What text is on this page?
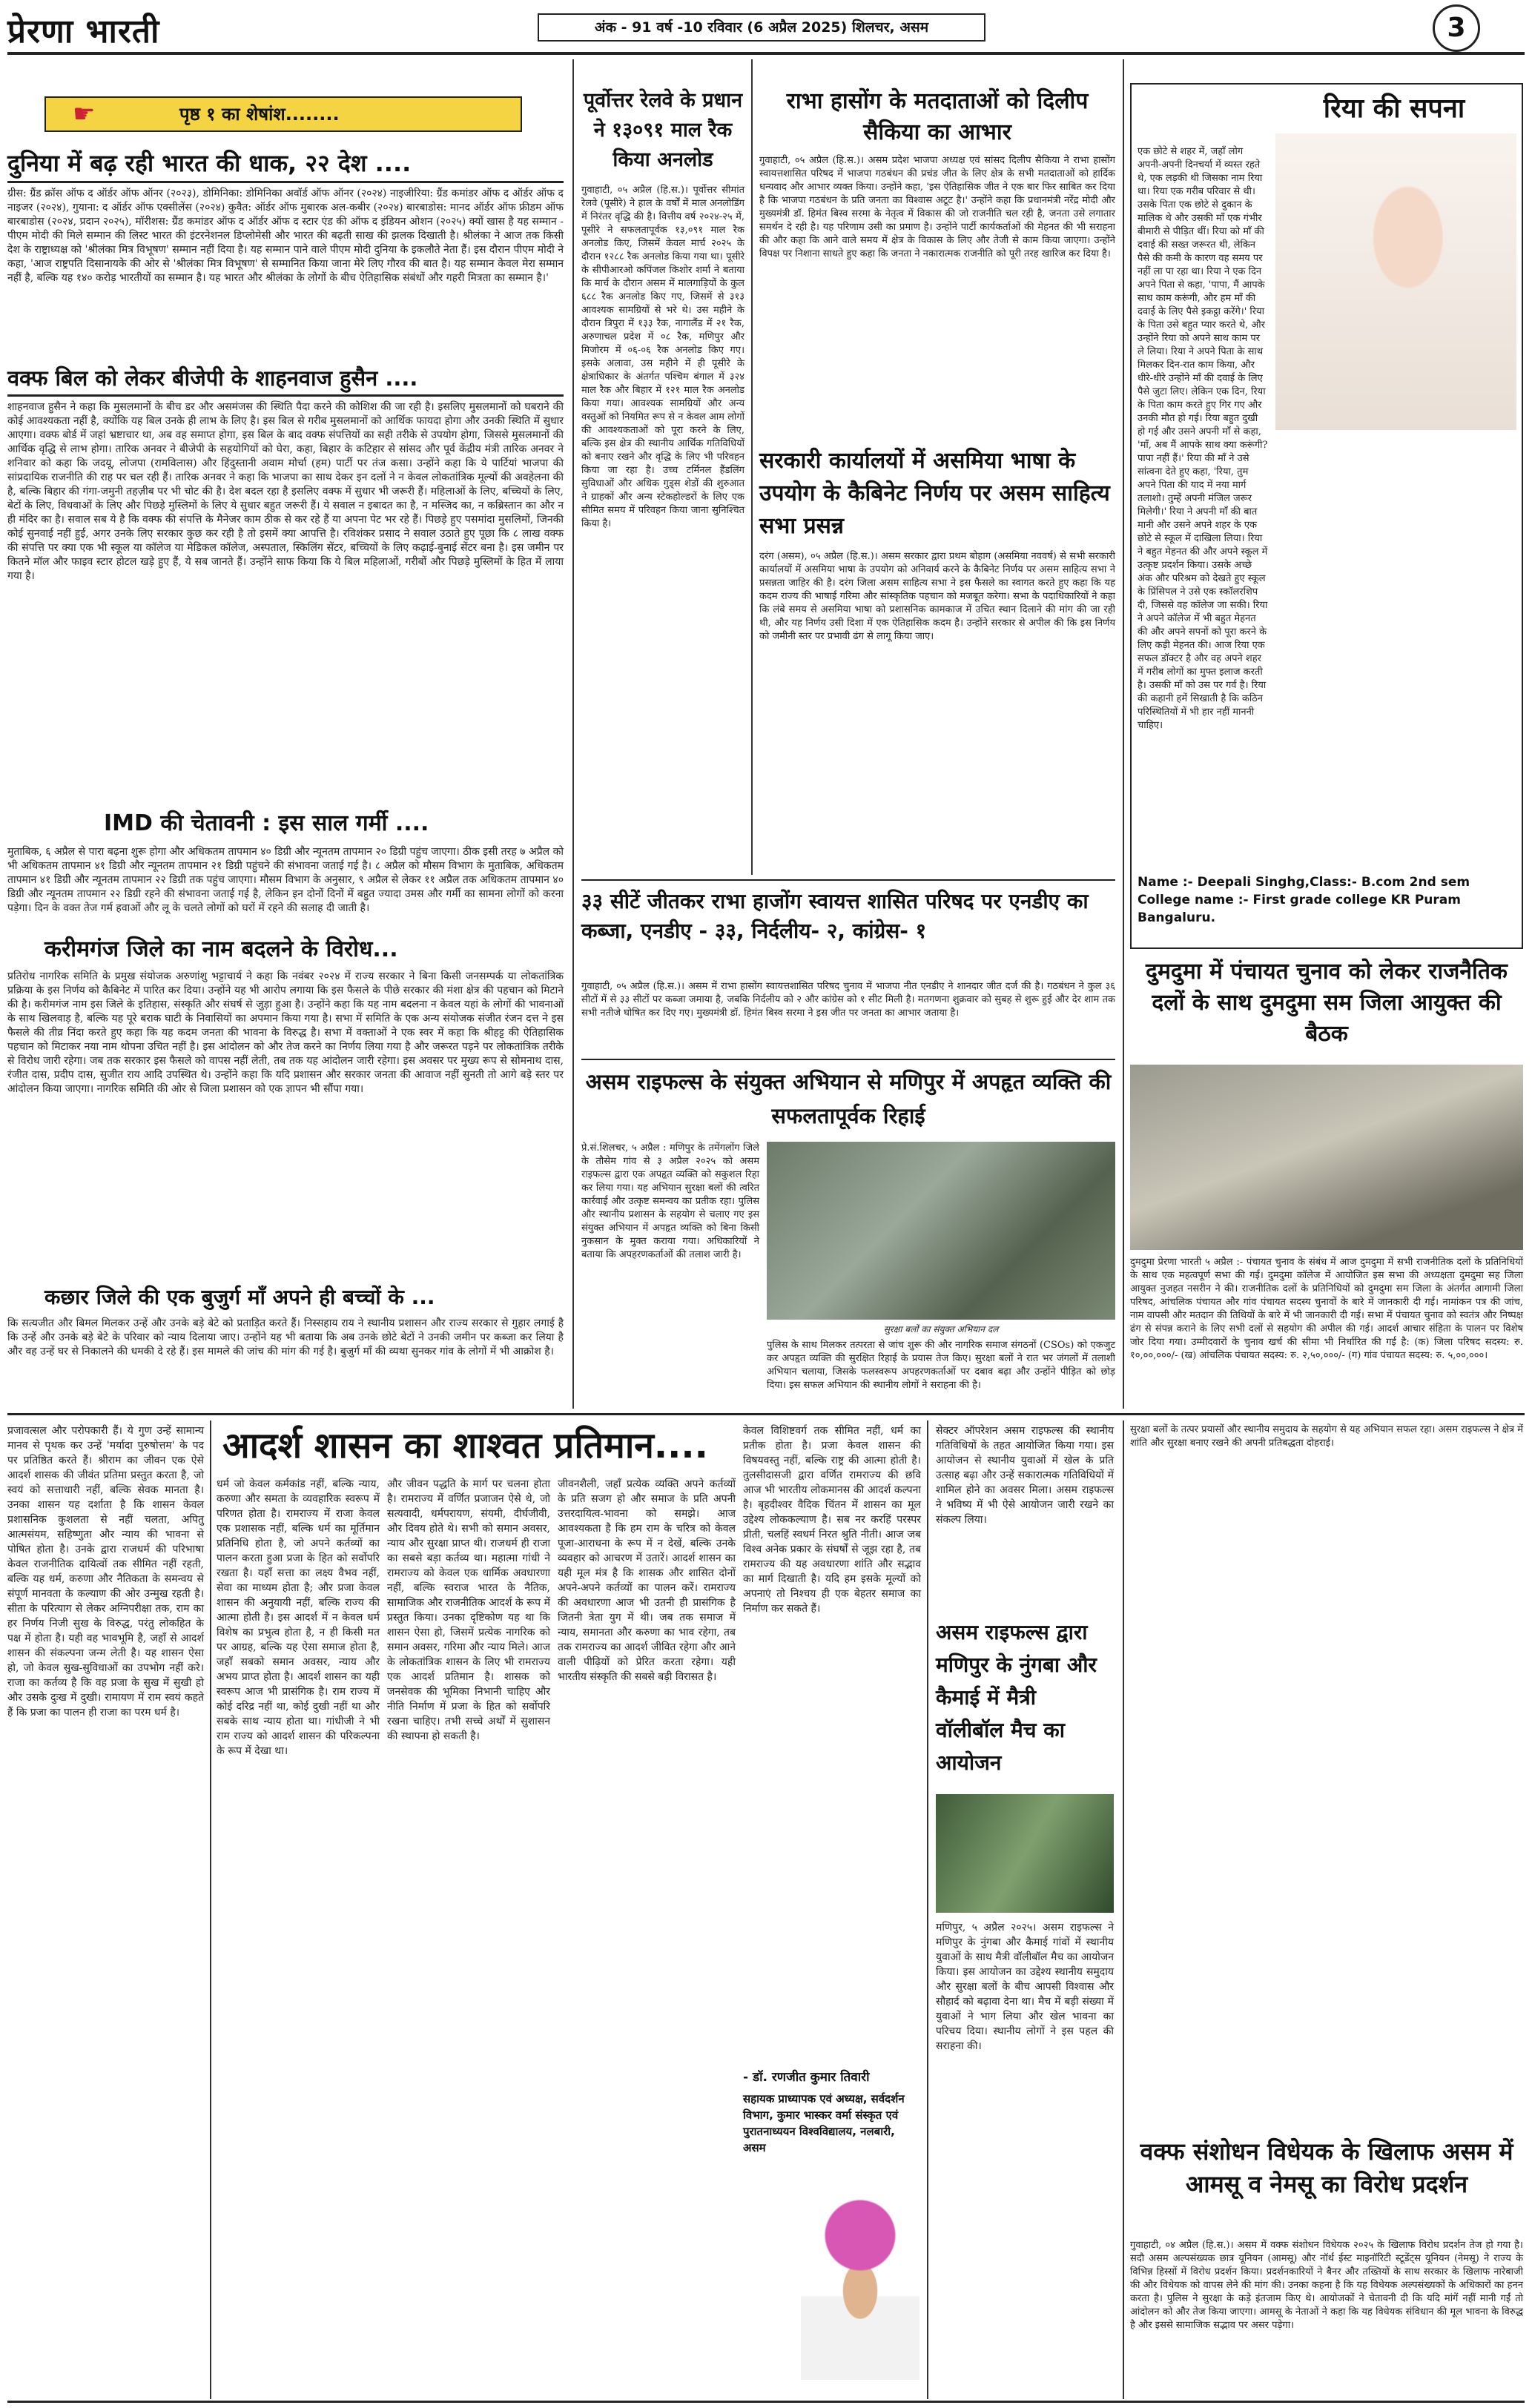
प्रेरणा भारती	अंक - 91 वर्ष -10 रविवार (6 अप्रैल 2025) शिलचर, असम	3
☛	पृष्ठ १ का शेषांश........
दुनिया में बढ़ रही भारत की धाक, २२ देश ....
ग्रीस: ग्रैंड क्रॉस ऑफ द ऑर्डर ऑफ ऑनर (२०२३), डोमिनिका: डोमिनिका अवॉर्ड ऑफ ऑनर (२०२४) नाइजीरिया: ग्रैंड कमांडर ऑफ द ऑर्डर ऑफ द नाइजर (२०२४), गुयाना: द ऑर्डर ऑफ एक्सीलेंस (२०२४) कुवैत: ऑर्डर ऑफ मुबारक अल-कबीर (२०२४) बारबाडोस: मानद ऑर्डर ऑफ फ्रीडम ऑफ बारबाडोस (२०२४, प्रदान २०२५), मॉरीशस: ग्रैंड कमांडर ऑफ द ऑर्डर ऑफ द स्टार एंड की ऑफ द इंडियन ओशन (२०२५) क्यों खास है यह सम्मान - पीएम मोदी की मिले सम्मान की लिस्ट भारत की इंटरनेशनल डिप्लोमेसी और भारत की बढ़ती साख की झलक दिखाती है। श्रीलंका ने आज तक किसी देश के राष्ट्राध्यक्ष को 'श्रीलंका मित्र विभूषण' सम्मान नहीं दिया है। यह सम्मान पाने वाले पीएम मोदी दुनिया के इकलौते नेता हैं। इस दौरान पीएम मोदी ने कहा, 'आज राष्ट्रपति दिसानायके की ओर से 'श्रीलंका मित्र विभूषण' से सम्मानित किया जाना मेरे लिए गौरव की बात है। यह सम्मान केवल मेरा सम्मान नहीं है, बल्कि यह १४० करोड़ भारतीयों का सम्मान है। यह भारत और श्रीलंका के लोगों के बीच ऐतिहासिक संबंधों और गहरी मित्रता का सम्मान है।'
वक्फ बिल को लेकर बीजेपी के शाहनवाज हुसैन ....
शाहनवाज हुसैन ने कहा कि मुसलमानों के बीच डर और असमंजस की स्थिति पैदा करने की कोशिश की जा रही है। इसलिए मुसलमानों को घबराने की कोई आवश्यकता नहीं है, क्योंकि यह बिल उनके ही लाभ के लिए है। इस बिल से गरीब मुसलमानों को आर्थिक फायदा होगा और उनकी स्थिति में सुधार आएगा। वक्फ बोर्ड में जहां भ्रष्टाचार था, अब वह समाप्त होगा, इस बिल के बाद वक्फ संपत्तियों का सही तरीके से उपयोग होगा, जिससे मुसलमानों की आर्थिक वृद्धि से लाभ होगा। तारिक अनवर ने बीजेपी के सहयोगियों को घेरा, कहा, बिहार के कटिहार से सांसद और पूर्व केंद्रीय मंत्री तारिक अनवर ने शनिवार को कहा कि जदयू, लोजपा (रामविलास) और हिंदुस्तानी अवाम मोर्चा (हम) पार्टी पर तंज कसा। उन्होंने कहा कि ये पार्टियां भाजपा की सांप्रदायिक राजनीति की राह पर चल रही हैं। तारिक अनवर ने कहा कि भाजपा का साथ देकर इन दलों ने न केवल लोकतांत्रिक मूल्यों की अवहेलना की है, बल्कि बिहार की गंगा-जमुनी तहज़ीब पर भी चोट की है। देश बदल रहा है इसलिए वक्फ में सुधार भी जरूरी हैं। महिलाओं के लिए, बच्चियों के लिए, बेटों के लिए, विधवाओं के लिए और पिछड़े मुस्लिमों के लिए ये सुधार बहुत जरूरी हैं। ये सवाल न इबादत का है, न मस्जिद का, न कब्रिस्तान का और न ही मंदिर का है। सवाल सब ये है कि वक्फ की संपत्ति के मैनेजर काम ठीक से कर रहे हैं या अपना पेट भर रहे हैं। पिछड़े हुए पसमांदा मुसलिमों, जिनकी कोई सुनवाई नहीं हुई, अगर उनके लिए सरकार कुछ कर रही है तो इसमें क्या आपत्ति है। रविशंकर प्रसाद ने सवाल उठाते हुए पूछा कि ८ लाख वक्फ की संपत्ति पर क्या एक भी स्कूल या कॉलेज या मेडिकल कॉलेज, अस्पताल, स्किलिंग सेंटर, बच्चियों के लिए कढ़ाई-बुनाई सेंटर बना है। इस जमीन पर कितने मॉल और फाइव स्टार होटल खड़े हुए हैं, ये सब जानते हैं। उन्होंने साफ किया कि ये बिल महिलाओं, गरीबों और पिछड़े मुस्लिमों के हित में लाया गया है।
IMD की चेतावनी : इस साल गर्मी ....
मुताबिक, ६ अप्रैल से पारा बढ़ना शुरू होगा और अधिकतम तापमान ४० डिग्री और न्यूनतम तापमान २० डिग्री पहुंच जाएगा। ठीक इसी तरह ७ अप्रैल को भी अधिकतम तापमान ४१ डिग्री और न्यूनतम तापमान २१ डिग्री पहुंचने की संभावना जताई गई है। ८ अप्रैल को मौसम विभाग के मुताबिक, अधिकतम तापमान ४१ डिग्री और न्यूनतम तापमान २२ डिग्री तक पहुंच जाएगा। मौसम विभाग के अनुसार, ९ अप्रैल से लेकर ११ अप्रैल तक अधिकतम तापमान ४० डिग्री और न्यूनतम तापमान २२ डिग्री रहने की संभावना जताई गई है, लेकिन इन दोनों दिनों में बहुत ज्यादा उमस और गर्मी का सामना लोगों को करना पड़ेगा। दिन के वक्त तेज गर्म हवाओं और लू के चलते लोगों को घरों में रहने की सलाह दी जाती है।
करीमगंज जिले का नाम बदलने के विरोध...
प्रतिरोध नागरिक समिति के प्रमुख संयोजक अरुणांशु भट्टाचार्य ने कहा कि नवंबर २०२४ में राज्य सरकार ने बिना किसी जनसम्पर्क या लोकतांत्रिक प्रक्रिया के इस निर्णय को कैबिनेट में पारित कर दिया। उन्होंने यह भी आरोप लगाया कि इस फैसले के पीछे सरकार की मंशा क्षेत्र की पहचान को मिटाने की है। करीमगंज नाम इस जिले के इतिहास, संस्कृति और संघर्ष से जुड़ा हुआ है। उन्होंने कहा कि यह नाम बदलना न केवल यहां के लोगों की भावनाओं के साथ खिलवाड़ है, बल्कि यह पूरे बराक घाटी के निवासियों का अपमान किया गया है। सभा में समिति के एक अन्य संयोजक संजीत रंजन दत्त ने इस फैसले की तीव्र निंदा करते हुए कहा कि यह कदम जनता की भावना के विरुद्ध है। सभा में वक्ताओं ने एक स्वर में कहा कि श्रीहट्ट की ऐतिहासिक पहचान को मिटाकर नया नाम थोपना उचित नहीं है। इस आंदोलन को और तेज करने का निर्णय लिया गया है और जरूरत पड़ने पर लोकतांत्रिक तरीके से विरोध जारी रहेगा। जब तक सरकार इस फैसले को वापस नहीं लेती, तब तक यह आंदोलन जारी रहेगा। इस अवसर पर मुख्य रूप से सोमनाथ दास, रंजीत दास, प्रदीप दास, सुजीत राय आदि उपस्थित थे। उन्होंने कहा कि यदि प्रशासन और सरकार जनता की आवाज नहीं सुनती तो आगे बड़े स्तर पर आंदोलन किया जाएगा। नागरिक समिति की ओर से जिला प्रशासन को एक ज्ञापन भी सौंपा गया।
कछार जिले की एक बुजुर्ग माँ अपने ही बच्चों के ...
कि सत्यजीत और बिमल मिलकर उन्हें और उनके बड़े बेटे को प्रताड़ित करते हैं। निस्सहाय राय ने स्थानीय प्रशासन और राज्य सरकार से गुहार लगाई है कि उन्हें और उनके बड़े बेटे के परिवार को न्याय दिलाया जाए। उन्होंने यह भी बताया कि अब उनके छोटे बेटों ने उनकी जमीन पर कब्जा कर लिया है और वह उन्हें घर से निकालने की धमकी दे रहे हैं। इस मामले की जांच की मांग की गई है। बुजुर्ग माँ की व्यथा सुनकर गांव के लोगों में भी आक्रोश है।
पूर्वोत्तर रेलवे के प्रधान ने १३०९१ माल रैक किया अनलोड
गुवाहाटी, ०५ अप्रैल (हि.स.)। पूर्वोत्तर सीमांत रेलवे (पूसीरे) ने हाल के वर्षों में माल अनलोडिंग में निरंतर वृद्धि की है। वित्तीय वर्ष २०२४-२५ में, पूसीरे ने सफलतापूर्वक १३,०९१ माल रैक अनलोड किए, जिसमें केवल मार्च २०२५ के दौरान १२८८ रैक अनलोड किया गया था। पूसीरे के सीपीआरओ कपिंजल किशोर शर्मा ने बताया कि मार्च के दौरान असम में मालगाड़ियों के कुल ६८८ रैक अनलोड किए गए, जिसमें से ३१३ आवश्यक सामग्रियों से भरे थे। उस महीने के दौरान त्रिपुरा में १३३ रैक, नागालैंड में २१ रैक, अरुणाचल प्रदेश में ०८ रैक, मणिपुर और मिजोरम में ०६-०६ रैक अनलोड किए गए। इसके अलावा, उस महीने में ही पूसीरे के क्षेत्राधिकार के अंतर्गत पश्चिम बंगाल में ३२४ माल रैक और बिहार में १२१ माल रैक अनलोड किया गया। आवश्यक सामग्रियों और अन्य वस्तुओं को नियमित रूप से न केवल आम लोगों की आवश्यकताओं को पूरा करने के लिए, बल्कि इस क्षेत्र की स्थानीय आर्थिक गतिविधियों को बनाए रखने और वृद्धि के लिए भी परिवहन किया जा रहा है। उच्च टर्मिनल हैंडलिंग सुविधाओं और अधिक गुड्स शेडों की शुरुआत ने ग्राहकों और अन्य स्टेकहोल्डरों के लिए एक सीमित समय में परिवहन किया जाना सुनिश्चित किया है।
राभा हासोंग के मतदाताओं को दिलीप सैकिया का आभार
गुवाहाटी, ०५ अप्रैल (हि.स.)। असम प्रदेश भाजपा अध्यक्ष एवं सांसद दिलीप सैकिया ने राभा हासोंग स्वायत्तशासित परिषद में भाजपा गठबंधन की प्रचंड जीत के लिए क्षेत्र के सभी मतदाताओं को हार्दिक धन्यवाद और आभार व्यक्त किया। उन्होंने कहा, 'इस ऐतिहासिक जीत ने एक बार फिर साबित कर दिया है कि भाजपा गठबंधन के प्रति जनता का विश्वास अटूट है।' उन्होंने कहा कि प्रधानमंत्री नरेंद्र मोदी और मुख्यमंत्री डॉ. हिमंत बिस्व सरमा के नेतृत्व में विकास की जो राजनीति चल रही है, जनता उसे लगातार समर्थन दे रही है। यह परिणाम उसी का प्रमाण है। उन्होंने पार्टी कार्यकर्ताओं की मेहनत की भी सराहना की और कहा कि आने वाले समय में क्षेत्र के विकास के लिए और तेजी से काम किया जाएगा। उन्होंने विपक्ष पर निशाना साधते हुए कहा कि जनता ने नकारात्मक राजनीति को पूरी तरह खारिज कर दिया है।
सरकारी कार्यालयों में असमिया भाषा के उपयोग के कैबिनेट निर्णय पर असम साहित्य सभा प्रसन्न
दरंग (असम), ०५ अप्रैल (हि.स.)। असम सरकार द्वारा प्रथम बोहाग (असमिया नववर्ष) से सभी सरकारी कार्यालयों में असमिया भाषा के उपयोग को अनिवार्य करने के कैबिनेट निर्णय पर असम साहित्य सभा ने प्रसन्नता जाहिर की है। दरंग जिला असम साहित्य सभा ने इस फैसले का स्वागत करते हुए कहा कि यह कदम राज्य की भाषाई गरिमा और सांस्कृतिक पहचान को मजबूत करेगा। सभा के पदाधिकारियों ने कहा कि लंबे समय से असमिया भाषा को प्रशासनिक कामकाज में उचित स्थान दिलाने की मांग की जा रही थी, और यह निर्णय उसी दिशा में एक ऐतिहासिक कदम है। उन्होंने सरकार से अपील की कि इस निर्णय को जमीनी स्तर पर प्रभावी ढंग से लागू किया जाए।
३३ सीटें जीतकर राभा हाजोंग स्वायत्त शासित परिषद पर एनडीए का कब्जा, एनडीए - ३३, निर्दलीय- २, कांग्रेस- १
गुवाहाटी, ०५ अप्रैल (हि.स.)। असम में राभा हासोंग स्वायत्तशासित परिषद चुनाव में भाजपा नीत एनडीए ने शानदार जीत दर्ज की है। गठबंधन ने कुल ३६ सीटों में से ३३ सीटों पर कब्जा जमाया है, जबकि निर्दलीय को २ और कांग्रेस को १ सीट मिली है। मतगणना शुक्रवार को सुबह से शुरू हुई और देर शाम तक सभी नतीजे घोषित कर दिए गए। मुख्यमंत्री डॉ. हिमंत बिस्व सरमा ने इस जीत पर जनता का आभार जताया है।
असम राइफल्स के संयुक्त अभियान से मणिपुर में अपहृत व्यक्ति की सफलतापूर्वक रिहाई
प्रे.सं.शिलचर, ५ अप्रैल : मणिपुर के तमेंगलोंग जिले के तौसेम गांव से ३ अप्रैल २०२५ को असम राइफल्स द्वारा एक अपहृत व्यक्ति को सकुशल रिहा कर लिया गया। यह अभियान सुरक्षा बलों की त्वरित कार्रवाई और उत्कृष्ट समन्वय का प्रतीक रहा। पुलिस और स्थानीय प्रशासन के सहयोग से चलाए गए इस संयुक्त अभियान में अपहृत व्यक्ति को बिना किसी नुकसान के मुक्त कराया गया। अधिकारियों ने बताया कि अपहरणकर्ताओं की तलाश जारी है।
सुरक्षा बलों का संयुक्त अभियान दल
पुलिस के साथ मिलकर तत्परता से जांच शुरू की और नागरिक समाज संगठनों (CSOs) को एकजुट कर अपहृत व्यक्ति की सुरक्षित रिहाई के प्रयास तेज किए। सुरक्षा बलों ने रात भर जंगलों में तलाशी अभियान चलाया, जिसके फलस्वरूप अपहरणकर्ताओं पर दबाव बढ़ा और उन्होंने पीड़ित को छोड़ दिया। इस सफल अभियान की स्थानीय लोगों ने सराहना की है।
रिया की सपना
एक छोटे से शहर में, जहाँ लोग अपनी-अपनी दिनचर्या में व्यस्त रहते थे, एक लड़की थी जिसका नाम रिया था। रिया एक गरीब परिवार से थी। उसके पिता एक छोटे से दुकान के मालिक थे और उसकी माँ एक गंभीर बीमारी से पीड़ित थीं। रिया को माँ की दवाई की सख्त जरूरत थी, लेकिन पैसे की कमी के कारण वह समय पर नहीं ला पा रहा था। रिया ने एक दिन अपने पिता से कहा, 'पापा, मैं आपके साथ काम करूंगी, और हम माँ की दवाई के लिए पैसे इकट्ठा करेंगे।' रिया के पिता उसे बहुत प्यार करते थे, और उन्होंने रिया को अपने साथ काम पर ले लिया। रिया ने अपने पिता के साथ मिलकर दिन-रात काम किया, और धीरे-धीरे उन्होंने माँ की दवाई के लिए पैसे जुटा लिए। लेकिन एक दिन, रिया के पिता काम करते हुए गिर गए और उनकी मौत हो गई। रिया बहुत दुखी हो गई और उसने अपनी माँ से कहा, 'माँ, अब मैं आपके साथ क्या करूंगी? पापा नहीं हैं।' रिया की माँ ने उसे सांत्वना देते हुए कहा, 'रिया, तुम अपने पिता की याद में नया मार्ग तलाशो। तुम्हें अपनी मंजिल जरूर मिलेगी।' रिया ने अपनी माँ की बात मानी और उसने अपने शहर के एक छोटे से स्कूल में दाखिला लिया। रिया ने बहुत मेहनत की और अपने स्कूल में उत्कृष्ट प्रदर्शन किया। उसके अच्छे अंक और परिश्रम को देखते हुए स्कूल के प्रिंसिपल ने उसे एक स्कॉलरशिप दी, जिससे वह कॉलेज जा सकी। रिया ने अपने कॉलेज में भी बहुत मेहनत की और अपने सपनों को पूरा करने के लिए कड़ी मेहनत की। आज रिया एक सफल डॉक्टर है और वह अपने शहर में गरीब लोगों का मुफ्त इलाज करती है। उसकी माँ को उस पर गर्व है। रिया की कहानी हमें सिखाती है कि कठिन परिस्थितियों में भी हार नहीं माननी चाहिए।
Name :- Deepali Singhg,Class:- B.com 2nd sem College name :- First grade college KR Puram Bangaluru.
दुमदुमा में पंचायत चुनाव को लेकर राजनैतिक दलों के साथ दुमदुमा सम जिला आयुक्त की बैठक
दुमदुमा प्रेरणा भारती ५ अप्रैल :- पंचायत चुनाव के संबंध में आज दुमदुमा में सभी राजनीतिक दलों के प्रतिनिधियों के साथ एक महत्वपूर्ण सभा की गई। दुमदुमा कॉलेज में आयोजित इस सभा की अध्यक्षता दुमदुमा सह जिला आयुक्त नुजहत नसरीन ने की। राजनीतिक दलों के प्रतिनिधियों को दुमदुमा सम जिला के अंतर्गत आगामी जिला परिषद, आंचलिक पंचायत और गांव पंचायत सदस्य चुनावों के बारे में जानकारी दी गई। नामांकन पत्र की जांच, नाम वापसी और मतदान की तिथियों के बारे में भी जानकारी दी गई। सभा में पंचायत चुनाव को स्वतंत्र और निष्पक्ष ढंग से संपन्न कराने के लिए सभी दलों से सहयोग की अपील की गई। आदर्श आचार संहिता के पालन पर विशेष जोर दिया गया। उम्मीदवारों के चुनाव खर्च की सीमा भी निर्धारित की गई है: (क) जिला परिषद सदस्य: रु. १०,००,०००/- (ख) आंचलिक पंचायत सदस्य: रु. २,५०,०००/- (ग) गांव पंचायत सदस्य: रु. ५,००,०००।
आदर्श शासन का शाश्वत प्रतिमान....
प्रजावत्सल और परोपकारी हैं। ये गुण उन्हें सामान्य मानव से पृथक कर उन्हें 'मर्यादा पुरुषोत्तम' के पद पर प्रतिष्ठित करते हैं। श्रीराम का जीवन एक ऐसे आदर्श शासक की जीवंत प्रतिमा प्रस्तुत करता है, जो स्वयं को सत्ताधारी नहीं, बल्कि सेवक मानता है। उनका शासन यह दर्शाता है कि शासन केवल प्रशासनिक कुशलता से नहीं चलता, अपितु आत्मसंयम, सहिष्णुता और न्याय की भावना से पोषित होता है। उनके द्वारा राजधर्म की परिभाषा केवल राजनीतिक दायित्वों तक सीमित नहीं रहती, बल्कि यह धर्म, करुणा और नैतिकता के समन्वय से संपूर्ण मानवता के कल्याण की ओर उन्मुख रहती है। सीता के परित्याग से लेकर अग्निपरीक्षा तक, राम का हर निर्णय निजी सुख के विरुद्ध, परंतु लोकहित के पक्ष में होता है। यही वह भावभूमि है, जहाँ से आदर्श शासन की संकल्पना जन्म लेती है। यह शासन ऐसा हो, जो केवल सुख-सुविधाओं का उपभोग नहीं करे। राजा का कर्तव्य है कि वह प्रजा के सुख में सुखी हो और उसके दुःख में दुखी। रामायण में राम स्वयं कहते हैं कि प्रजा का पालन ही राजा का परम धर्म है।
धर्म जो केवल कर्मकांड नहीं, बल्कि न्याय, करुणा और समता के व्यवहारिक स्वरूप में परिणत होता है। रामराज्य में राजा केवल एक प्रशासक नहीं, बल्कि धर्म का मूर्तिमान प्रतिनिधि होता है, जो अपने कर्तव्यों का पालन करता हुआ प्रजा के हित को सर्वोपरि रखता है। यहाँ सत्ता का लक्ष्य वैभव नहीं, सेवा का माध्यम होता है; और प्रजा केवल शासन की अनुयायी नहीं, बल्कि राज्य की आत्मा होती है। इस आदर्श में न केवल धर्म विशेष का प्रभुत्व होता है, न ही किसी मत पर आग्रह, बल्कि यह ऐसा समाज होता है, जहाँ सबको समान अवसर, न्याय और अभय प्राप्त होता है। आदर्श शासन का यही स्वरूप आज भी प्रासंगिक है। राम राज्य में कोई दरिद्र नहीं था, कोई दुखी नहीं था और सबके साथ न्याय होता था। गांधीजी ने भी राम राज्य को आदर्श शासन की परिकल्पना के रूप में देखा था।
और जीवन पद्धति के मार्ग पर चलना होता है। रामराज्य में वर्णित प्रजाजन ऐसे थे, जो सत्यवादी, धर्मपरायण, संयमी, दीर्घजीवी, और दिवय होते थे। सभी को समान अवसर, न्याय और सुरक्षा प्राप्त थी। राजधर्म ही राजा का सबसे बड़ा कर्तव्य था। महात्मा गांधी ने रामराज्य को केवल एक धार्मिक अवधारणा नहीं, बल्कि स्वराज भारत के नैतिक, सामाजिक और राजनीतिक आदर्श के रूप में प्रस्तुत किया। उनका दृष्टिकोण यह था कि शासन ऐसा हो, जिसमें प्रत्येक नागरिक को समान अवसर, गरिमा और न्याय मिले। आज के लोकतांत्रिक शासन के लिए भी रामराज्य एक आदर्श प्रतिमान है। शासक को जनसेवक की भूमिका निभानी चाहिए और नीति निर्माण में प्रजा के हित को सर्वोपरि रखना चाहिए। तभी सच्चे अर्थों में सुशासन की स्थापना हो सकती है।
जीवनशैली, जहाँ प्रत्येक व्यक्ति अपने कर्तव्यों के प्रति सजग हो और समाज के प्रति अपनी उत्तरदायित्व-भावना को समझे। आज आवश्यकता है कि हम राम के चरित्र को केवल पूजा-आराधना के रूप में न देखें, बल्कि उनके व्यवहार को आचरण में उतारें। आदर्श शासन का यही मूल मंत्र है कि शासक और शासित दोनों अपने-अपने कर्तव्यों का पालन करें। रामराज्य की अवधारणा आज भी उतनी ही प्रासंगिक है जितनी त्रेता युग में थी। जब तक समाज में न्याय, समानता और करुणा का भाव रहेगा, तब तक रामराज्य का आदर्श जीवित रहेगा और आने वाली पीढ़ियों को प्रेरित करता रहेगा। यही भारतीय संस्कृति की सबसे बड़ी विरासत है।
केवल विशिष्टवर्ग तक सीमित नहीं, धर्म का प्रतीक होता है। प्रजा केवल शासन की विषयवस्तु नहीं, बल्कि राष्ट्र की आत्मा होती है। तुलसीदासजी द्वारा वर्णित रामराज्य की छवि आज भी भारतीय लोकमानस की आदर्श कल्पना है। बृहदीश्वर वैदिक चिंतन में शासन का मूल उद्देश्य लोककल्याण है। सब नर करहिं परस्पर प्रीती, चलहिं स्वधर्म निरत श्रुति नीती। आज जब विश्व अनेक प्रकार के संघर्षों से जूझ रहा है, तब रामराज्य की यह अवधारणा शांति और सद्भाव का मार्ग दिखाती है। यदि हम इसके मूल्यों को अपनाएं तो निश्चय ही एक बेहतर समाज का निर्माण कर सकते हैं।
- डॉ. रणजीत कुमार तिवारी
सहायक प्राध्यापक एवं अध्यक्ष, सर्वदर्शन विभाग, कुमार भास्कर वर्मा संस्कृत एवं पुरातनाध्ययन विश्वविद्यालय, नलबारी, असम
असम राइफल्स द्वारा मणिपुर के नुंगबा और कैमाई में मैत्री वॉलीबॉल मैच का आयोजन
सेक्टर ऑपरेशन असम राइफल्स की स्थानीय गतिविधियों के तहत आयोजित किया गया। इस आयोजन से स्थानीय युवाओं में खेल के प्रति उत्साह बढ़ा और उन्हें सकारात्मक गतिविधियों में शामिल होने का अवसर मिला। असम राइफल्स ने भविष्य में भी ऐसे आयोजन जारी रखने का संकल्प लिया।
मणिपुर, ५ अप्रैल २०२५। असम राइफल्स ने मणिपुर के नुंगबा और कैमाई गांवों में स्थानीय युवाओं के साथ मैत्री वॉलीबॉल मैच का आयोजन किया। इस आयोजन का उद्देश्य स्थानीय समुदाय और सुरक्षा बलों के बीच आपसी विश्वास और सौहार्द को बढ़ावा देना था। मैच में बड़ी संख्या में युवाओं ने भाग लिया और खेल भावना का परिचय दिया। स्थानीय लोगों ने इस पहल की सराहना की।
वक्फ संशोधन विधेयक के खिलाफ असम में आमसू व नेमसू का विरोध प्रदर्शन
गुवाहाटी, ०४ अप्रैल (हि.स.)। असम में वक्फ संशोधन विधेयक २०२५ के खिलाफ विरोध प्रदर्शन तेज हो गया है। सदौ असम अल्पसंख्यक छात्र यूनियन (आमसू) और नॉर्थ ईस्ट माइनॉरिटी स्टूडेंट्स यूनियन (नेमसू) ने राज्य के विभिन्न हिस्सों में विरोध प्रदर्शन किया। प्रदर्शनकारियों ने बैनर और तख्तियों के साथ सरकार के खिलाफ नारेबाजी की और विधेयक को वापस लेने की मांग की। उनका कहना है कि यह विधेयक अल्पसंख्यकों के अधिकारों का हनन करता है। पुलिस ने सुरक्षा के कड़े इंतजाम किए थे। आयोजकों ने चेतावनी दी कि यदि मांगें नहीं मानी गईं तो आंदोलन को और तेज किया जाएगा। आमसू के नेताओं ने कहा कि यह विधेयक संविधान की मूल भावना के विरुद्ध है और इससे सामाजिक सद्भाव पर असर पड़ेगा।
सुरक्षा बलों के तत्पर प्रयासों और स्थानीय समुदाय के सहयोग से यह अभियान सफल रहा। असम राइफल्स ने क्षेत्र में शांति और सुरक्षा बनाए रखने की अपनी प्रतिबद्धता दोहराई।
